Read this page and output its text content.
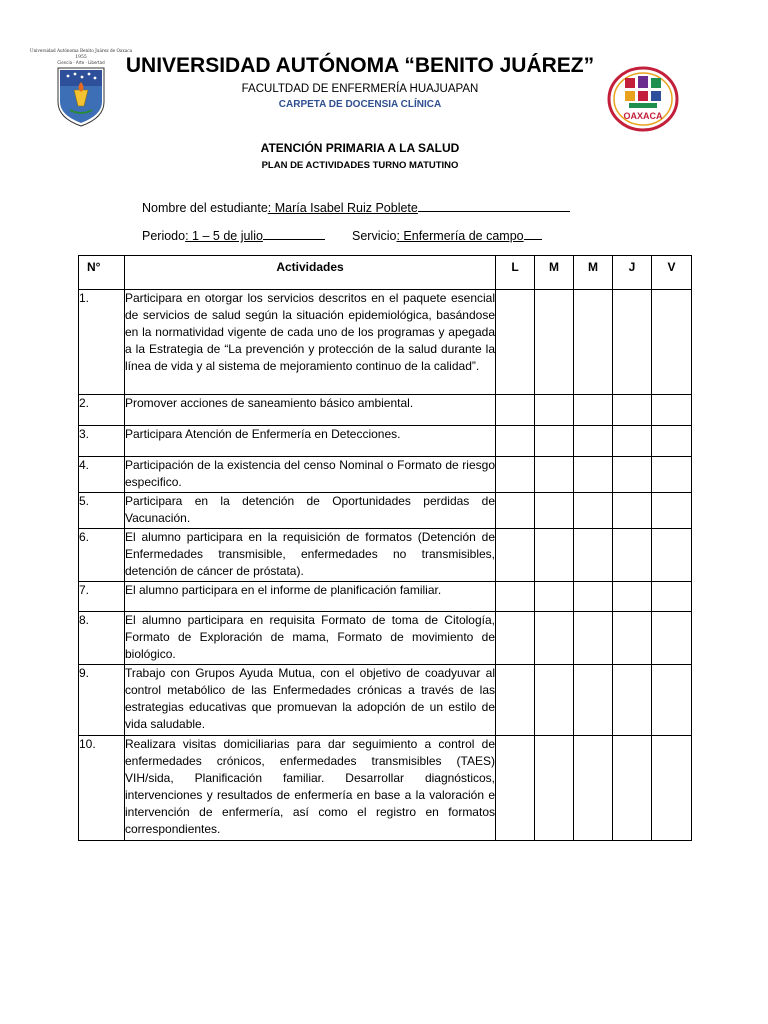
Universidad Autónoma Benito Juárez de Oaxaca
1955
Ciencia · Arte · Libertad UNIVERSIDAD AUTÓNOMA “BENITO JUÁREZ”
FACULTDAD DE ENFERMERÍA HUAJUAPAN
CARPETA DE DOCENSIA CLÍNICA
OAXACA
ATENCIÓN PRIMARIA A LA SALUD
PLAN DE ACTIVIDADES TURNO MATUTINO
Nombre del estudiante: María Isabel Ruiz Poblete
Periodo: 1 – 5 de julio	Servicio: Enfermería de campo
N°	Actividades	L	M	M	J	V
1.	Participara en otorgar los servicios descritos en el paquete esencial de servicios de salud según la situación epidemiológica, basándose en la normatividad vigente de cada uno de los programas y apegada a la Estrategia de “La prevención y protección de la salud durante la línea de vida y al sistema de mejoramiento continuo de la calidad”.					
2.	Promover acciones de saneamiento básico ambiental.					
3.	Participara Atención de Enfermería en Detecciones.					
4.	Participación de la existencia del censo Nominal o Formato de riesgo especifico.					
5.	Participara en la detención de Oportunidades perdidas de Vacunación.					
6.	El alumno participara en la requisición de formatos (Detención de Enfermedades transmisible, enfermedades no transmisibles, detención de cáncer de próstata).					
7.	El alumno participara en el informe de planificación familiar.					
8.	El alumno participara en requisita Formato de toma de Citología, Formato de Exploración de mama, Formato de movimiento de biológico.					
9.	Trabajo con Grupos Ayuda Mutua, con el objetivo de coadyuvar al control metabólico de las Enfermedades crónicas a través de las estrategias educativas que promuevan la adopción de un estilo de vida saludable.					
10.	Realizara visitas domiciliarias para dar seguimiento a control de enfermedades crónicos, enfermedades transmisibles (TAES) VIH/sida, Planificación familiar. Desarrollar diagnósticos, intervenciones y resultados de enfermería en base a la valoración e intervención de enfermería, así como el registro en formatos correspondientes.					
